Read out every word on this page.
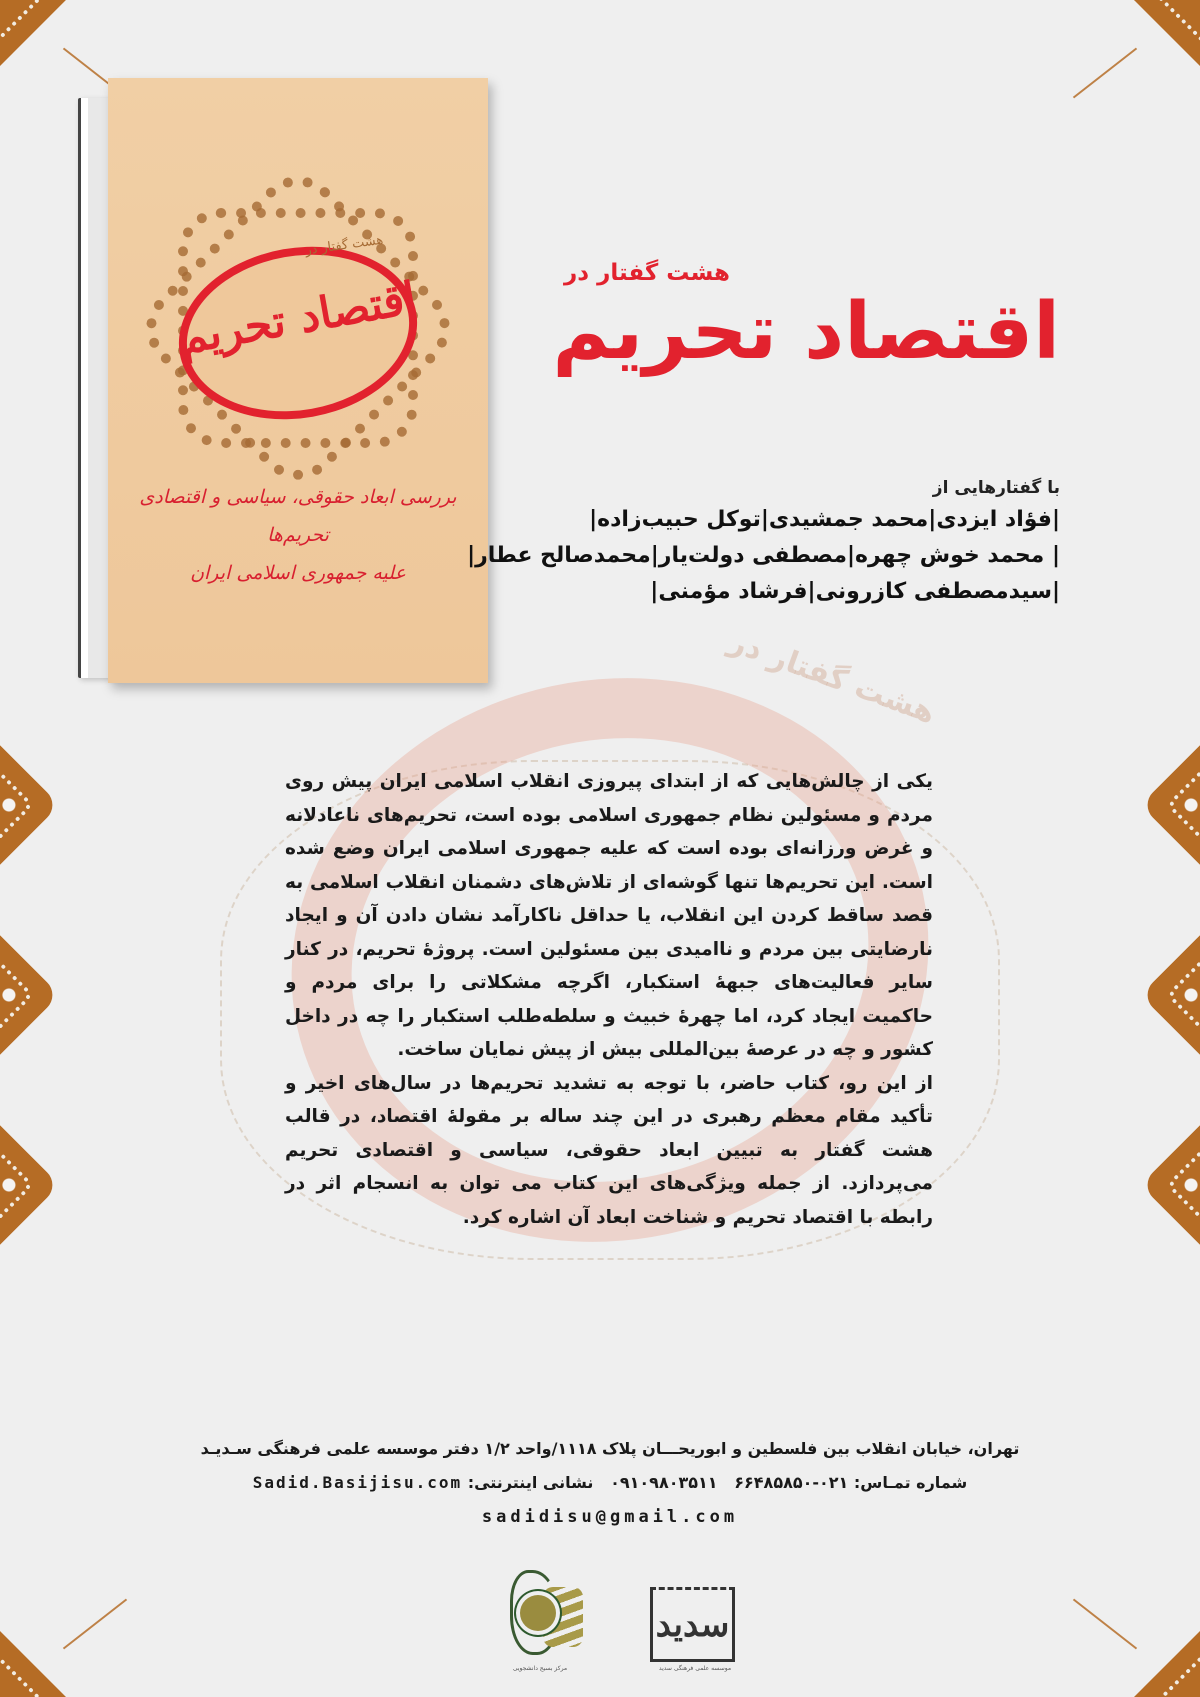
هشت گفتار در
هشت گفتار در
اقتصاد تحریم
بررسی ابعاد حقوقی، سیاسی و اقتصادی تحریم‌ها
علیه جمهوری اسلامی ایران
هشت گفتار در
اقتصاد تحریم
با گفتارهایی از
|فؤاد ایزدی|محمد جمشیدی|توکل حبیب‌زاده|
| محمد خوش چهره|مصطفی دولت‌یار|محمدصالح عطار|
|سیدمصطفی کازرونی|فرشاد مؤمنی|

یکی از چالش‌هایی که از ابتدای پیروزی انقلاب اسلامی ایران پیش روی مردم و مسئولین نظام جمهوری اسلامی بوده است، تحریم‌های ناعادلانه و غرض ورزانه‌ای بوده است که علیه جمهوری اسلامی ایران وضع شده است. این تحریم‌ها تنها گوشه‌ای از تلاش‌های دشمنان انقلاب اسلامی به قصد ساقط کردن این انقلاب، یا حداقل ناکارآمد نشان دادن آن و ایجاد نارضایتی بین مردم و ناامیدی بین مسئولین است. پروژهٔ تحریم، در کنار سایر فعالیت‌های جبههٔ استکبار، اگرچه مشکلاتی را برای مردم و حاکمیت ایجاد کرد، اما چهرهٔ خبیث و سلطه‌طلب استکبار را چه در داخل کشور و چه در عرصهٔ بین‌المللی بیش از پیش نمایان ساخت.

از این رو، کتاب حاضر، با توجه به تشدید تحریم‌ها در سال‌های اخیر و تأکید مقام معظم رهبری در این چند ساله بر مقولهٔ اقتصاد، در قالب هشت گفتار به تبیین ابعاد حقوقی، سیاسی و اقتصادی تحریم می‌پردازد. از جمله ویژگی‌های این کتاب می توان به انسجام اثر در رابطه با اقتصاد تحریم و شناخت ابعاد آن اشاره کرد.

تهران، خیابان انقلاب بین فلسطین و ابوریحـــان پلاک ۱۱۱۸/واحد ۱/۲ دفتر موسسه علمی فرهنگی سـدیـد
شماره تمـاس: ۰۲۱-۶۶۴۸۵۸۵۰   ۰۹۱۰۹۸۰۳۵۱۱   نشانی اینترنتی: Sadid.Basijisu.com
sadidisu@gmail.com
مرکز بسیج دانشجویی
سدید
موسسه علمی فرهنگی سدید
